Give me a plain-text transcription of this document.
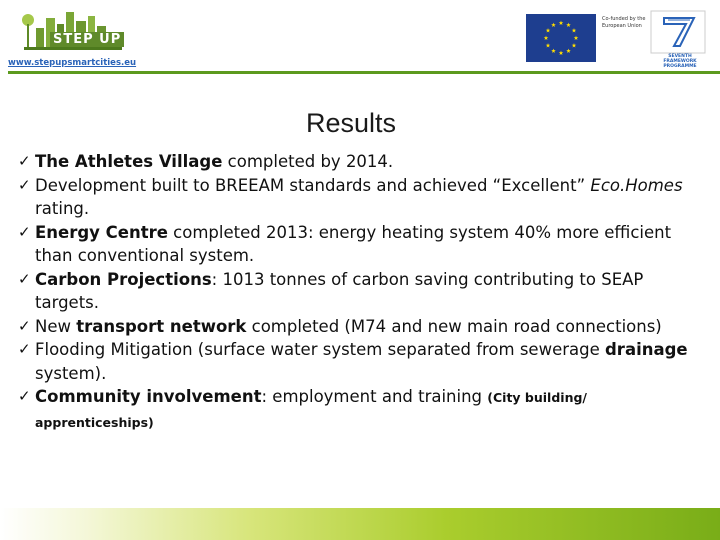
STEP UP
www.stepupsmartcities.eu
Co-funded by the European Union
SEVENTH FRAMEWORK PROGRAMME
Results
✓ The Athletes Village completed by 2014.
✓ Development built to BREEAM standards and achieved “Excellent” Eco.Homes rating.
✓ Energy Centre completed 2013: energy heating system 40% more efficient than conventional system.
✓ Carbon Projections: 1013 tonnes of carbon saving contributing to SEAP targets.
✓ New transport network completed (M74 and new main road connections)
✓ Flooding Mitigation (surface water system separated from sewerage drainage system).
✓ Community involvement: employment and training (City building/ apprenticeships)
